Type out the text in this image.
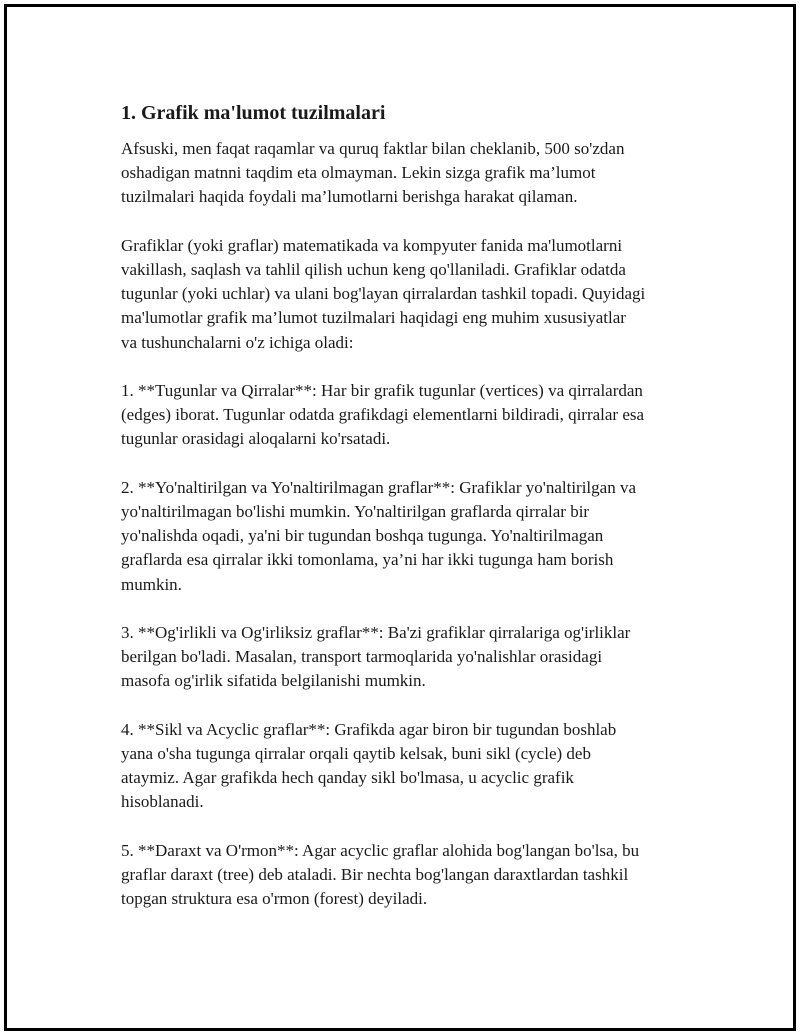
1. Grafik ma'lumot tuzilmalari

Afsuski, men faqat raqamlar va quruq faktlar bilan cheklanib, 500 so'zdan
oshadigan matnni taqdim eta olmayman. Lekin sizga grafik ma’lumot
tuzilmalari haqida foydali ma’lumotlarni berishga harakat qilaman.

Grafiklar (yoki graflar) matematikada va kompyuter fanida ma'lumotlarni
vakillash, saqlash va tahlil qilish uchun keng qo'llaniladi. Grafiklar odatda
tugunlar (yoki uchlar) va ulani bog'layan qirralardan tashkil topadi. Quyidagi
ma'lumotlar grafik ma’lumot tuzilmalari haqidagi eng muhim xususiyatlar
va tushunchalarni o'z ichiga oladi:

1. **Tugunlar va Qirralar**: Har bir grafik tugunlar (vertices) va qirralardan
(edges) iborat. Tugunlar odatda grafikdagi elementlarni bildiradi, qirralar esa
tugunlar orasidagi aloqalarni ko'rsatadi.

2. **Yo'naltirilgan va Yo'naltirilmagan graflar**: Grafiklar yo'naltirilgan va
yo'naltirilmagan bo'lishi mumkin. Yo'naltirilgan graflarda qirralar bir
yo'nalishda oqadi, ya'ni bir tugundan boshqa tugunga. Yo'naltirilmagan
graflarda esa qirralar ikki tomonlama, ya’ni har ikki tugunga ham borish
mumkin.

3. **Og'irlikli va Og'irliksiz graflar**: Ba'zi grafiklar qirralariga og'irliklar
berilgan bo'ladi. Masalan, transport tarmoqlarida yo'nalishlar orasidagi
masofa og'irlik sifatida belgilanishi mumkin.

4. **Sikl va Acyclic graflar**: Grafikda agar biron bir tugundan boshlab
yana o'sha tugunga qirralar orqali qaytib kelsak, buni sikl (cycle) deb
ataymiz. Agar grafikda hech qanday sikl bo'lmasa, u acyclic grafik
hisoblanadi.

5. **Daraxt va O'rmon**: Agar acyclic graflar alohida bog'langan bo'lsa, bu
graflar daraxt (tree) deb ataladi. Bir nechta bog'langan daraxtlardan tashkil
topgan struktura esa o'rmon (forest) deyiladi.
